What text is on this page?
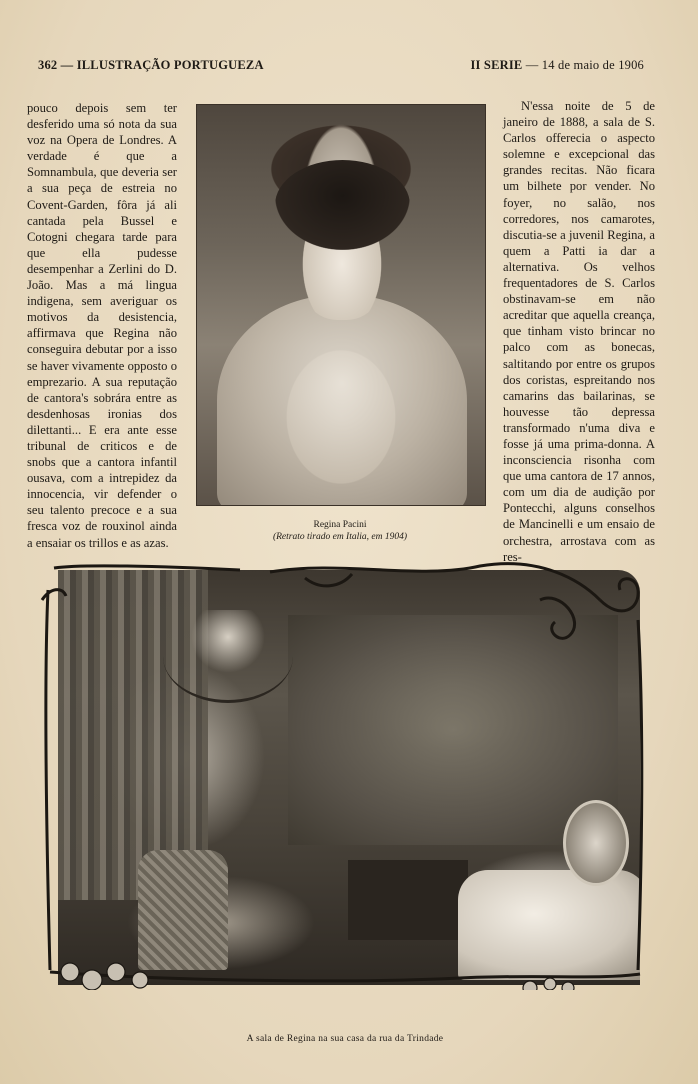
362 — ILLUSTRAÇÃO PORTUGUEZA	II SERIE — 14 de maio de 1906

pouco depois sem ter desferido uma só nota da sua voz na Opera de Londres. A verdade é que a Somnambula, que deveria ser a sua peça de estreia no Covent-Garden, fôra já ali cantada pela Bussel e Cotogni chegara tarde para que ella pudesse desempenhar a Zerlini do D. João. Mas a má lingua indigena, sem averiguar os motivos da desistencia, affirmava que Regina não conseguira debutar por a isso se haver vivamente opposto o emprezario. A sua reputação de cantora's sobrára entre as desdenhosas ironias dos dilettanti... E era ante esse tribunal de criticos e de snobs que a cantora infantil ousava, com a intrepidez da innocencia, vir defender o seu talento precoce e a sua fresca voz de rouxinol ainda a ensaiar os trillos e as azas.

Regina Pacini
(Retrato tirado em Italia, em 1904)

N'essa noite de 5 de janeiro de 1888, a sala de S. Carlos offerecia o aspecto solemne e excepcional das grandes recitas. Não ficara um bilhete por vender. No foyer, no salão, nos corredores, nos camarotes, discutia-se a juvenil Regina, a quem a Patti ia dar a alternativa. Os velhos frequentadores de S. Carlos obstinavam-se em não acreditar que aquella creança, que tinham visto brincar no palco com as bonecas, saltitando por entre os grupos dos coristas, espreitando nos camarins das bailarinas, se houvesse tão depressa transformado n'uma diva e fosse já uma prima-donna. A inconsciencia risonha com que uma cantora de 17 annos, com um dia de audição por Pontecchi, alguns conselhos de Mancinelli e um ensaio de orchestra, arrostava com as res-

A sala de Regina na sua casa da rua da Trindade
